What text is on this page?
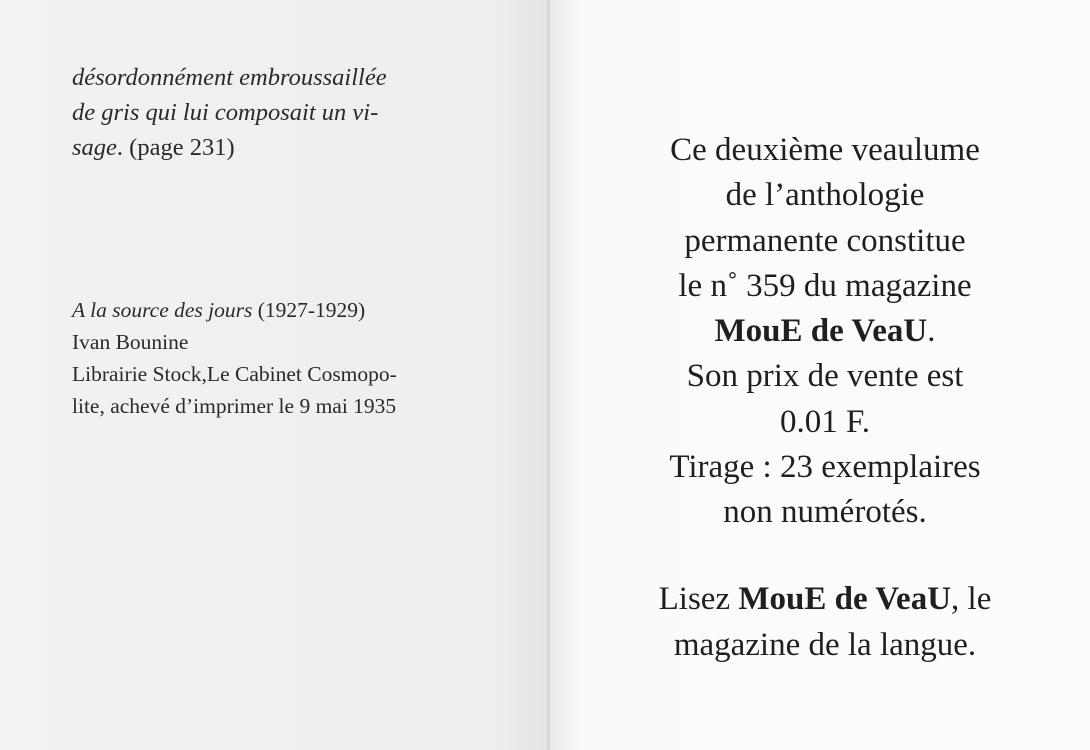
désordonnément embroussaillée
de gris qui lui composait un vi-
sage. (page 231)
A la source des jours (1927-1929)
Ivan Bounine
Librairie Stock,Le Cabinet Cosmopo-
lite, achevé d’imprimer le 9 mai 1935
Ce deuxième veaulume
de l’anthologie
permanente constitue
le n˚ 359 du magazine
MouE de VeaU.
Son prix de vente est
0.01 F.
Tirage : 23 exemplaires
non numérotés.
Lisez MouE de VeaU, le
magazine de la langue.
